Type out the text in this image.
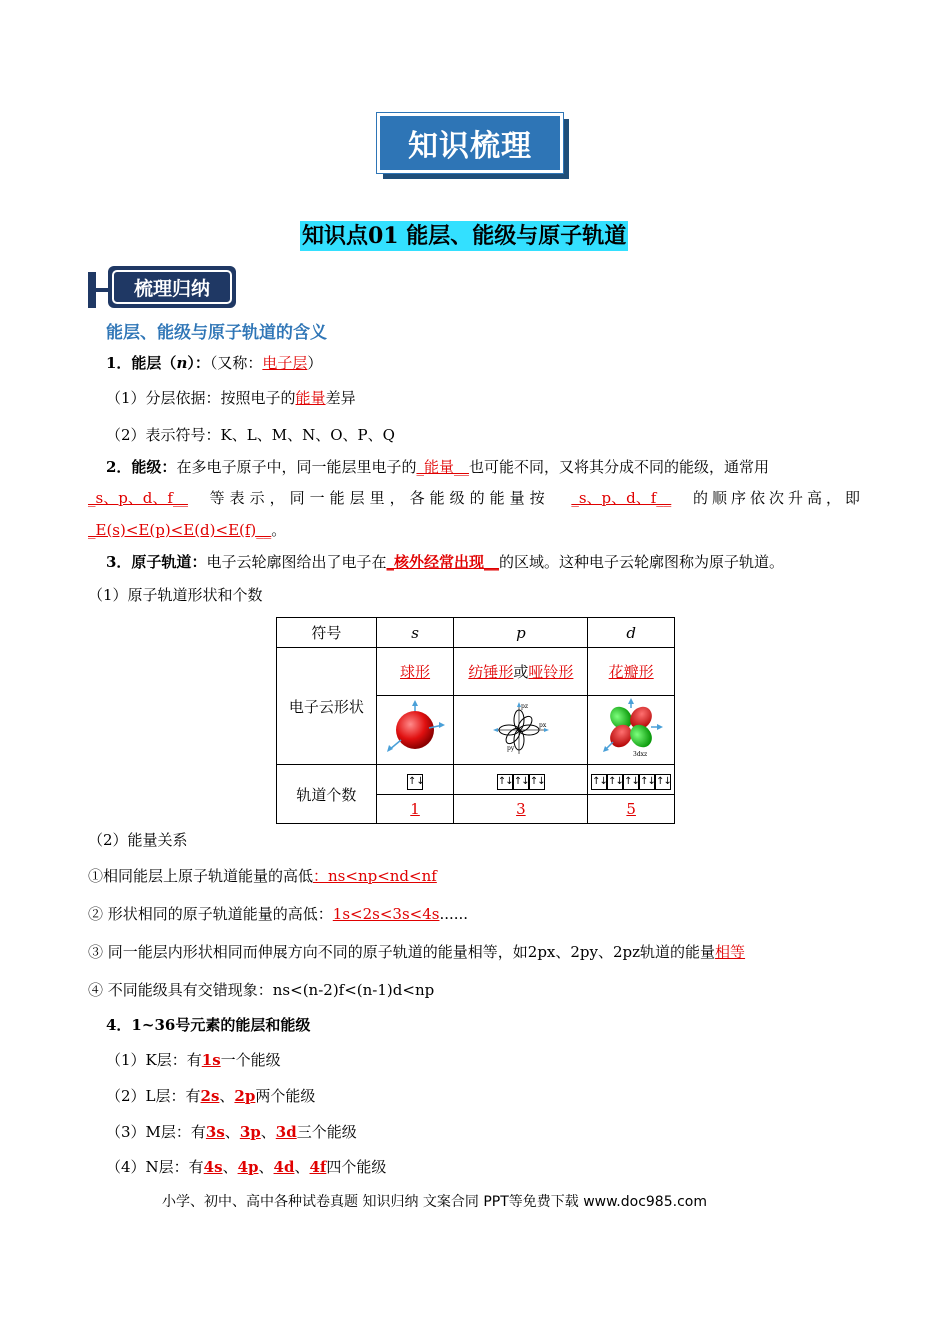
知识梳理
知识点01 能层、能级与原子轨道
梳理归纳
能层、能级与原子轨道的含义
1．能层（n）：（又称：电子层）
（1）分层依据：按照电子的能量差异
（2）表示符号：K、L、M、N、O、P、Q
2．能级：在多电子原子中，同一能层里电子的_能量__也可能不同，又将其分成不同的能级，通常用
_s、p、d、f__ 等表示，同一能层里，各能级的能量按 _s、p、d、f__ 的顺序依次升高，即
_E(s)<E(p)<E(d)<E(f)__。
3．原子轨道：电子云轮廓图给出了电子在_核外经常出现__的区域。这种电子云轮廓图称为原子轨道。
（1）原子轨道形状和个数
符号	s	p	d
电子云形状	球形	纺锤形或哑铃形	花瓣形

pz
px
py	3dxz

轨道个数	↑↓	↑↓↑↓↑↓	↑↓↑↓↑↓↑↓↑↓
	1	3	5
（2）能量关系
①相同能层上原子轨道能量的高低：ns<np<nd<nf
② 形状相同的原子轨道能量的高低：1s<2s<3s<4s......
③ 同一能层内形状相同而伸展方向不同的原子轨道的能量相等，如2px、2py、2pz轨道的能量相等
④ 不同能级具有交错现象：ns<(n-2)f<(n-1)d<np
4．1~36号元素的能层和能级
（1）K层：有1s一个能级
（2）L层：有2s、2p两个能级
（3）M层：有3s、3p、3d三个能级
（4）N层：有4s、4p、4d、4f四个能级
小学、初中、高中各种试卷真题 知识归纳 文案合同 PPT等免费下载 www.doc985.com
